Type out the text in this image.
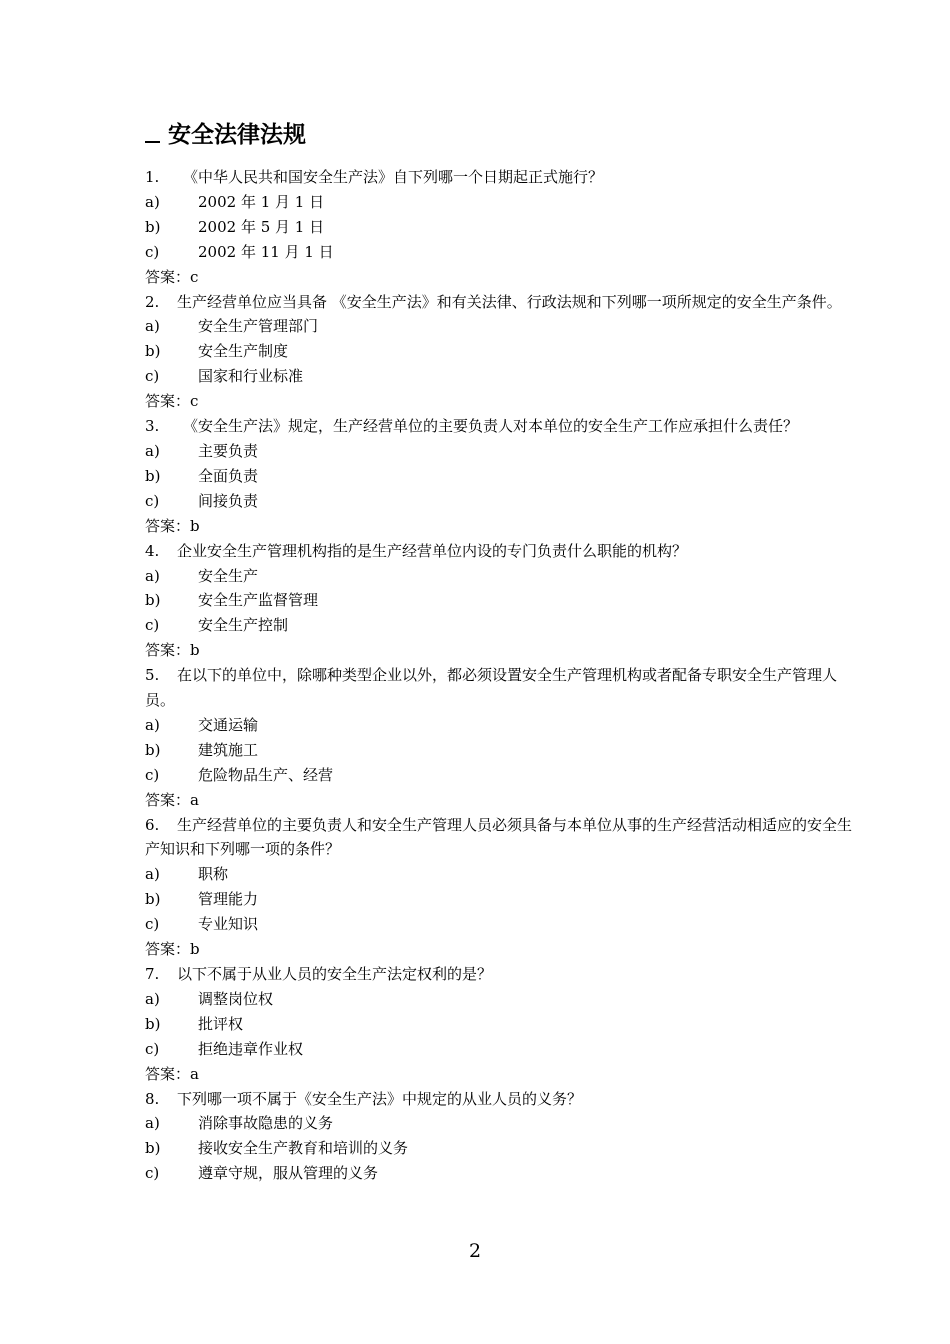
安全法律法规
1. 《中华人民共和国安全生产法》自下列哪一个日期起正式施行？
a)	2002 年 1 月 1 日
b)	2002 年 5 月 1 日
c)	2002 年 11 月 1 日
答案：c
2. 生产经营单位应当具备 《安全生产法》和有关法律、行政法规和下列哪一项所规定的安全生产条件。
a)	安全生产管理部门
b)	安全生产制度
c)	国家和行业标准
答案：c
3. 《安全生产法》规定，生产经营单位的主要负责人对本单位的安全生产工作应承担什么责任？
a)	主要负责
b)	全面负责
c)	间接负责
答案：b
4. 企业安全生产管理机构指的是生产经营单位内设的专门负责什么职能的机构？
a)	安全生产
b)	安全生产监督管理
c)	安全生产控制
答案：b
5. 在以下的单位中，除哪种类型企业以外，都必须设置安全生产管理机构或者配备专职安全生产管理人员。
a)	交通运输
b)	建筑施工
c)	危险物品生产、经营
答案：a
6. 生产经营单位的主要负责人和安全生产管理人员必须具备与本单位从事的生产经营活动相适应的安全生产知识和下列哪一项的条件？
a)	职称
b)	管理能力
c)	专业知识
答案：b
7. 以下不属于从业人员的安全生产法定权利的是？
a)	调整岗位权
b)	批评权
c)	拒绝违章作业权
答案：a
8. 下列哪一项不属于《安全生产法》中规定的从业人员的义务？
a)	消除事故隐患的义务
b)	接收安全生产教育和培训的义务
c)	遵章守规，服从管理的义务
2
